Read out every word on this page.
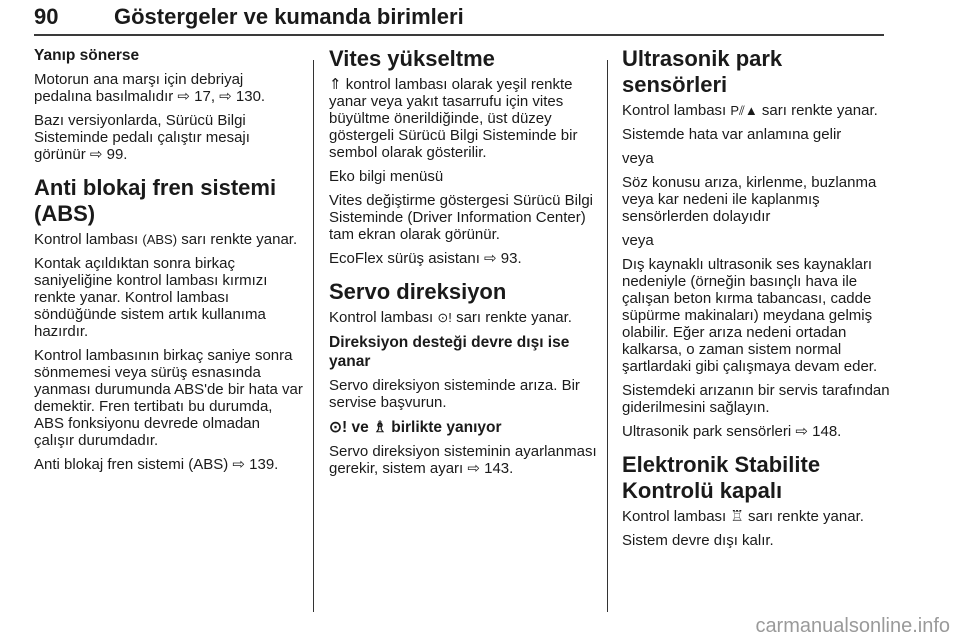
90	Göstergeler ve kumanda birimleri
Yanıp sönerse

Motorun ana marşı için debriyaj pedalına basılmalıdır ⇨ 17, ⇨ 130.

Bazı versiyonlarda, Sürücü Bilgi Sisteminde pedalı çalıştır mesajı görünür ⇨ 99.

Anti blokaj fren sistemi (ABS)

Kontrol lambası (ABS) sarı renkte yanar.

Kontak açıldıktan sonra birkaç saniyeliğine kontrol lambası kırmızı renkte yanar. Kontrol lambası söndüğünde sistem artık kullanıma hazırdır.

Kontrol lambasının birkaç saniye sonra sönmemesi veya sürüş esnasında yanması durumunda ABS'de bir hata var demektir. Fren tertibatı bu durumda, ABS fonksiyonu devrede olmadan çalışır durumdadır.

Anti blokaj fren sistemi (ABS) ⇨ 139.

Vites yükseltme

⇑ kontrol lambası olarak yeşil renkte yanar veya yakıt tasarrufu için vites büyültme önerildiğinde, üst düzey göstergeli Sürücü Bilgi Sisteminde bir sembol olarak gösterilir.

Eko bilgi menüsü

Vites değiştirme göstergesi Sürücü Bilgi Sisteminde (Driver Information Center) tam ekran olarak görünür.

EcoFlex sürüş asistanı ⇨ 93.

Servo direksiyon

Kontrol lambası ⊙! sarı renkte yanar.

Direksiyon desteği devre dışı ise yanar

Servo direksiyon sisteminde arıza. Bir servise başvurun.

⊙! ve ♗ birlikte yanıyor

Servo direksiyon sisteminin ayarlanması gerekir, sistem ayarı ⇨ 143.

Ultrasonik park sensörleri

Kontrol lambası P⫽▲ sarı renkte yanar.

Sistemde hata var anlamına gelir

veya

Söz konusu arıza, kirlenme, buzlanma veya kar nedeni ile kaplanmış sensörlerden dolayıdır

veya

Dış kaynaklı ultrasonik ses kaynakları nedeniyle (örneğin basınçlı hava ile çalışan beton kırma tabancası, cadde süpürme makinaları) meydana gelmiş olabilir. Eğer arıza nedeni ortadan kalkarsa, o zaman sistem normal şartlardaki gibi çalışmaya devam eder.

Sistemdeki arızanın bir servis tarafından giderilmesini sağlayın.

Ultrasonik park sensörleri ⇨ 148.

Elektronik Stabilite Kontrolü kapalı

Kontrol lambası ♖ sarı renkte yanar.

Sistem devre dışı kalır.

carmanualsonline.info
